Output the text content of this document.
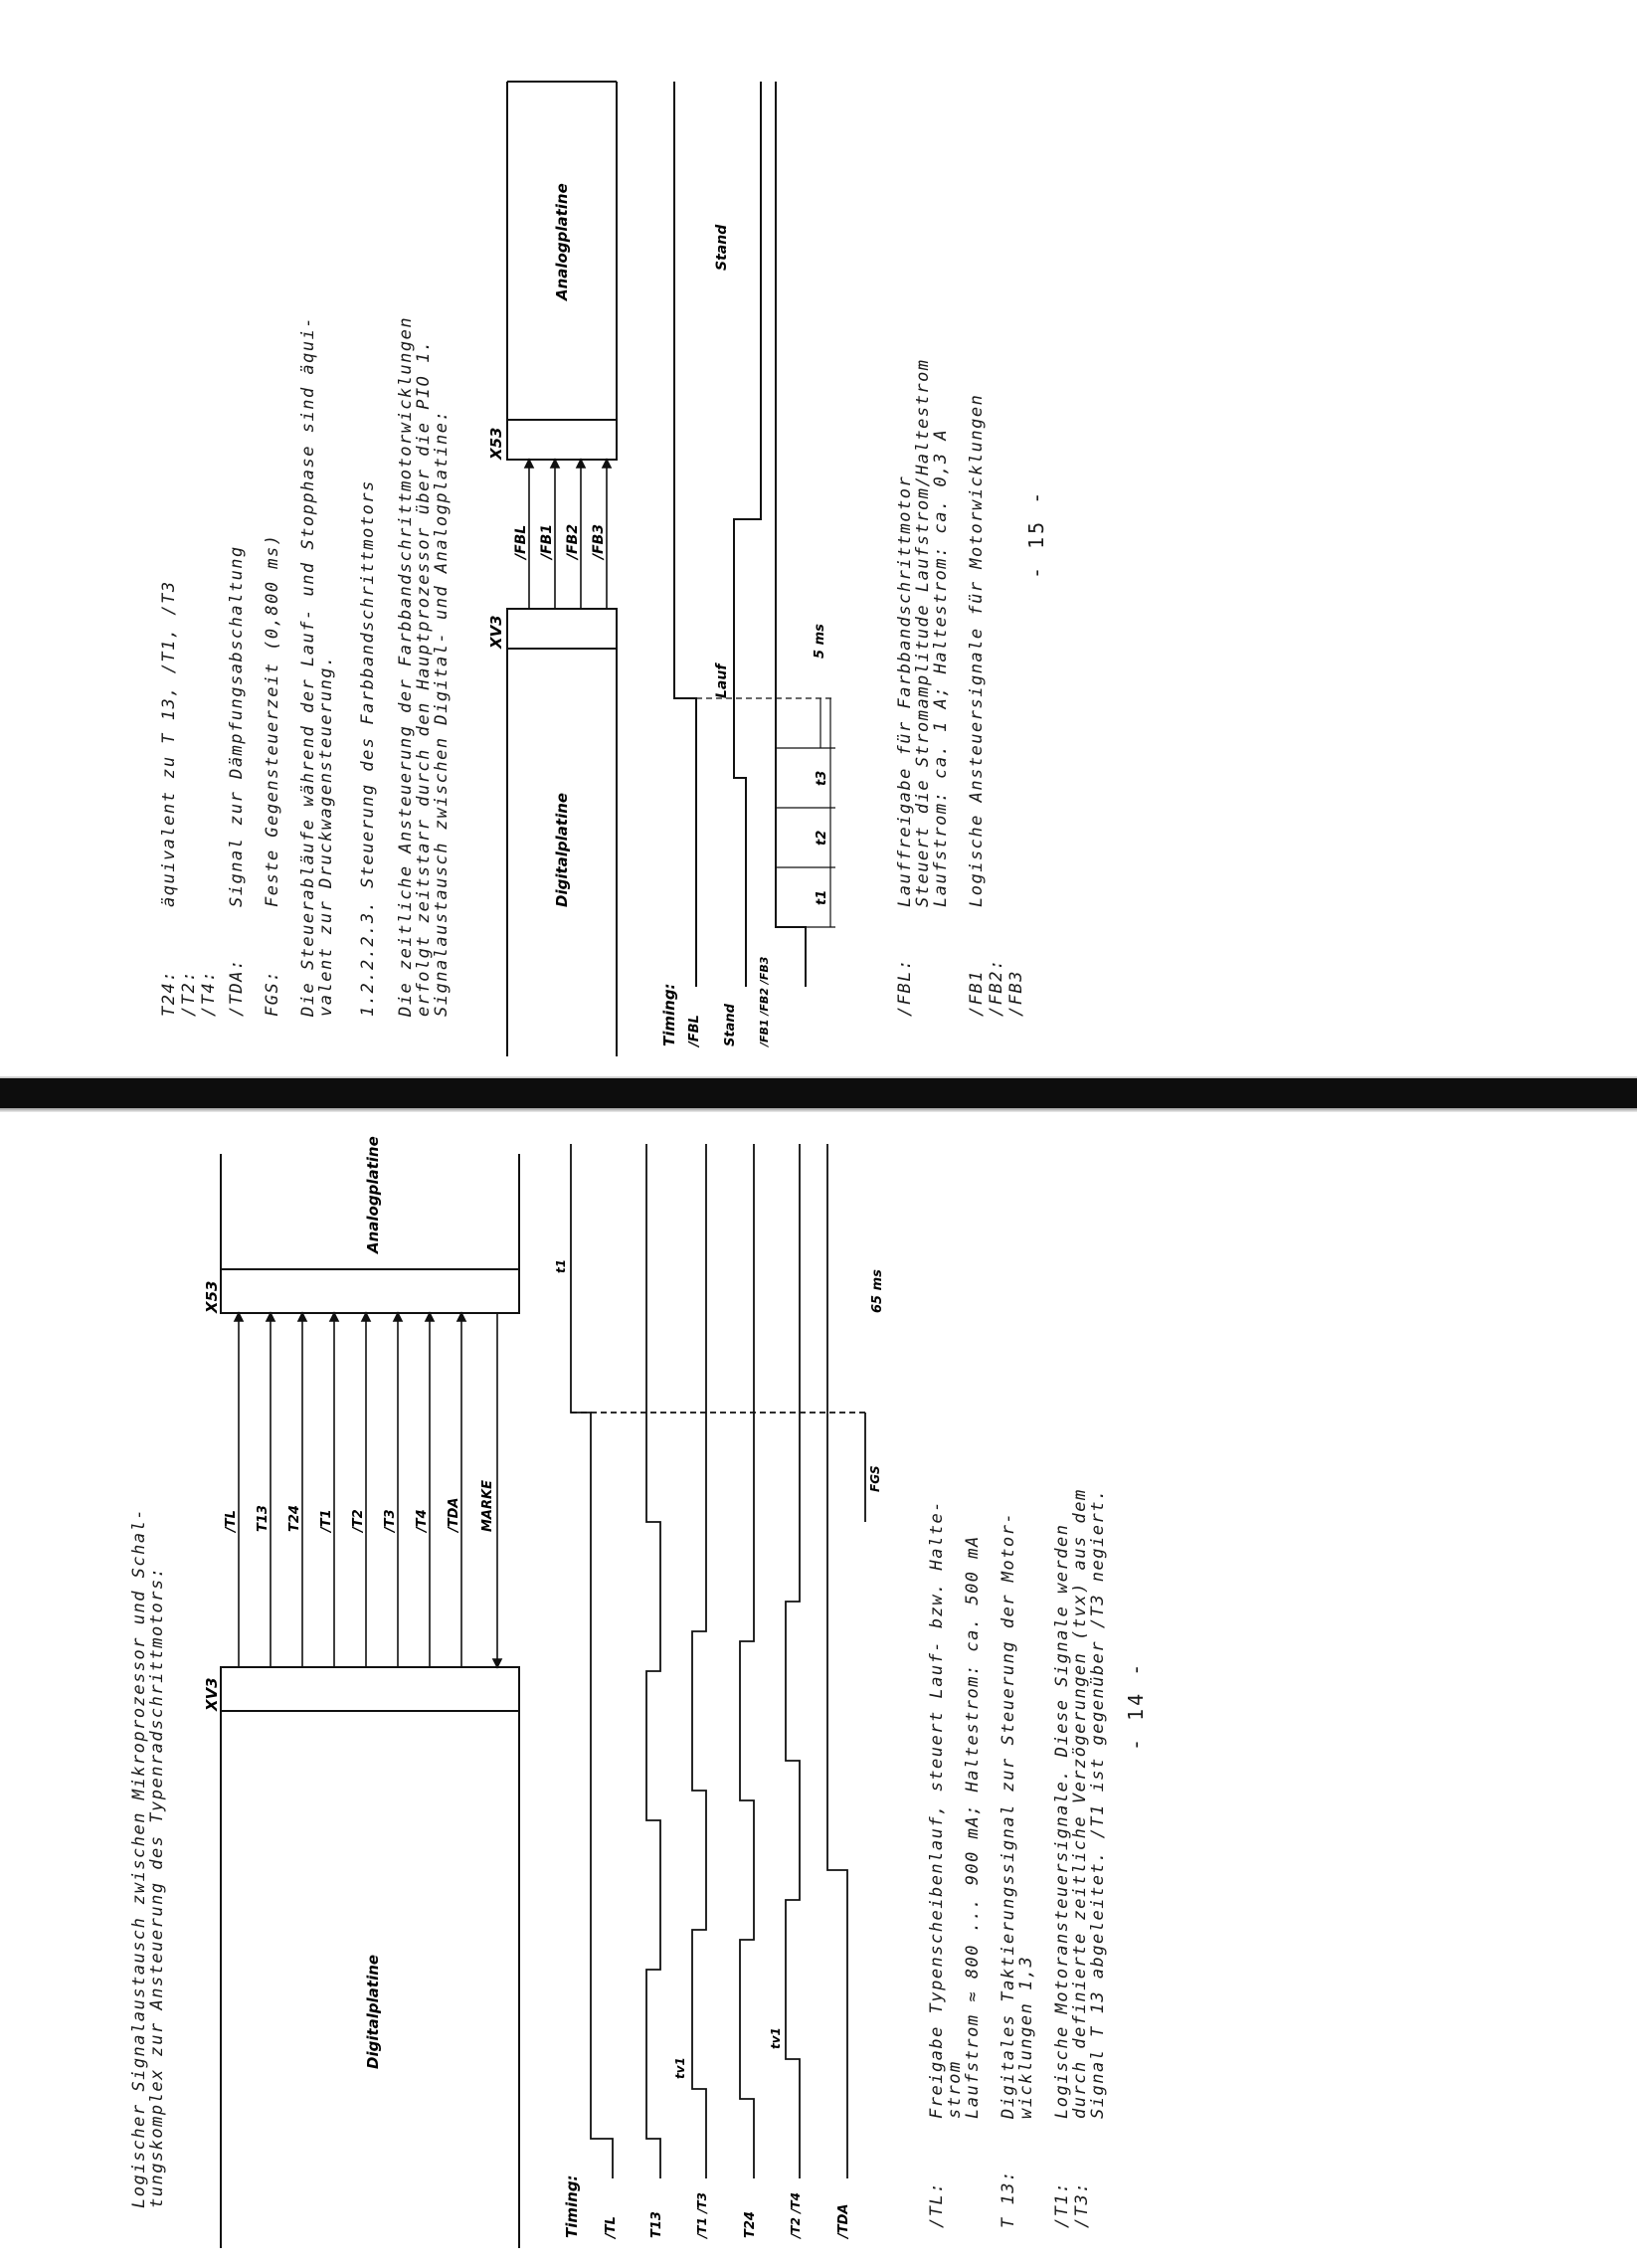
T24:
/T2:
/T4:
äquivalent zu T 13, /T1, /T3
/TDA:
Signal zur Dämpfungsabschaltung
FGS:
Feste Gegensteuerzeit (0,800 ms) Die Steuerabläufe während der Lauf- und Stopphase sind äqui-
valent zur Druckwagensteuerung. 1.2.2.2.3. Steuerung des Farbbandschrittmotors Die zeitliche Ansteuerung der Farbbandschrittmotorwicklungen
erfolgt zeitstarr durch den Hauptprozessor über die PIO 1.
Signalaustausch zwischen Digital- und Analogplatine: XV3
X53
Digitalplatine
Analogplatine
/FBL /FB1 /FB2 /FB3
Timing: /FBL Stand /FB1 /FB2 /FB3
t1
t2
t3
5 ms
Lauf
Stand
/FBL:
Lauffreigabe für Farbbandschrittmotor
Steuert die Stromamplitude Laufstrom/Haltestrom
Laufstrom: ca. 1 A; Haltestrom: ca. 0,3 A
/FB1
/FB2:
/FB3
Logische Ansteuersignale für Motorwicklungen - 15 -
Logischer Signalaustausch zwischen Mikroprozessor und Schal-
tungskomplex zur Ansteuerung des Typenradschrittmotors: XV3
X53
Digitalplatine
Analogplatine
/TL T13 T24 /T1 /T2 /T3 /T4 /TDA MARKE
Timing: /TL T13	/T1 /T3	T24	/T2 /T4	/TDA
tv1
tv1
FGS
t1
65 ms
/TL:
Freigabe Typenscheibenlauf, steuert Lauf- bzw. Halte-
strom
Laufstrom ≈ 800 ... 900 mA; Haltestrom: ca. 500 mA
T 13:
Digitales Taktierungssignal zur Steuerung der Motor-
wicklungen 1,3
/T1:
/T3:
Logische Motoransteuersignale. Diese Signale werden
durch definierte zeitliche Verzögerungen (tvx) aus dem
Signal T 13 abgeleitet. /T1 ist gegenüber /T3 negiert. - 14 -
